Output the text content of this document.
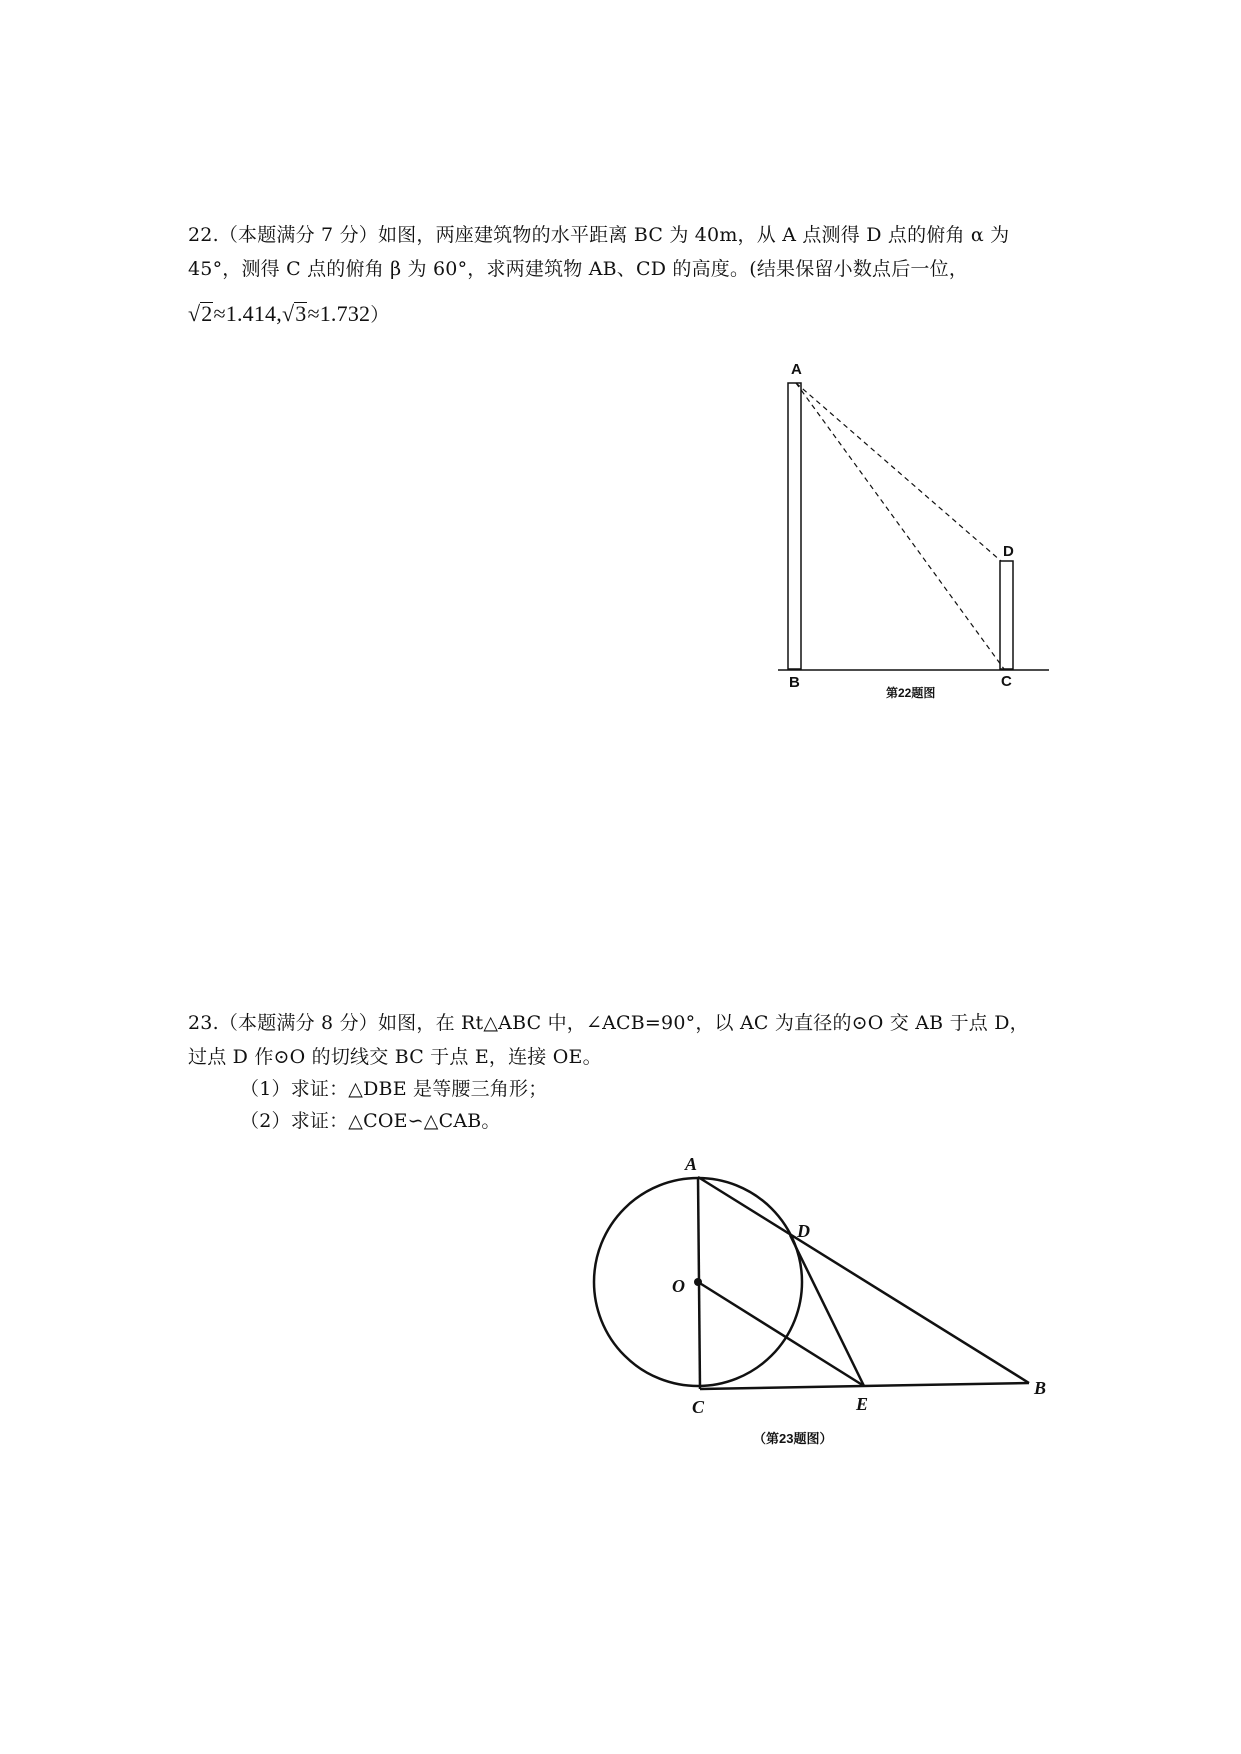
22.（本题满分 7 分）如图，两座建筑物的水平距离 BC 为 40m，从 A 点测得 D 点的俯角 α 为
45°，测得 C 点的俯角 β 为 60°，求两建筑物 AB、CD 的高度。(结果保留小数点后一位，
√2≈1.414,√3≈1.732）
A
B	C
D
第22题图
23.（本题满分 8 分）如图，在 Rt△ABC 中，∠ACB=90°，以 AC 为直径的⊙O 交 AB 于点 D，
过点 D 作⊙O 的切线交 BC 于点 E，连接 OE。
（1）求证：△DBE 是等腰三角形；
（2）求证：△COE∽△CAB。
A
D
O
C	E
B
（第23题图）
